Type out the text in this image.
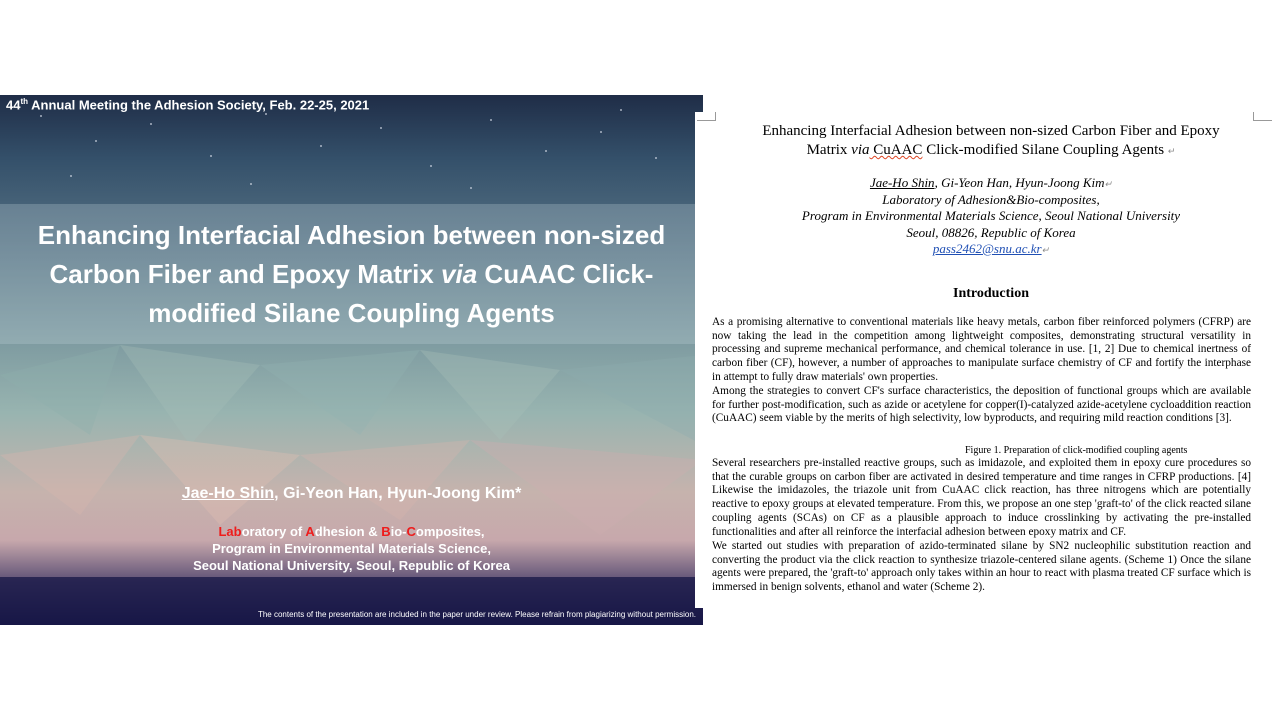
44th Annual Meeting the Adhesion Society, Feb. 22-25, 2021
Enhancing Interfacial Adhesion between non-sized
Carbon Fiber and Epoxy Matrix via CuAAC Click-
modified Silane Coupling Agents
Jae-Ho Shin, Gi-Yeon Han, Hyun-Joong Kim*
Laboratory of Adhesion & Bio-Composites,
Program in Environmental Materials Science,
Seoul National University, Seoul, Republic of Korea
The contents of the presentation are included in the paper under review. Please refrain from plagiarizing without permission.
Enhancing Interfacial Adhesion between non-sized Carbon Fiber and Epoxy
Matrix via CuAAC Click-modified Silane Coupling Agents ↵
Jae-Ho Shin, Gi-Yeon Han, Hyun-Joong Kim↵
Laboratory of Adhesion&Bio-composites,
Program in Environmental Materials Science, Seoul National University
Seoul, 08826, Republic of Korea
pass2462@snu.ac.kr↵
Introduction
As a promising alternative to conventional materials like heavy metals, carbon fiber reinforced polymers (CFRP) are now taking the lead in the competition among lightweight composites, demonstrating structural versatility in processing and supreme mechanical performance, and chemical tolerance in use. [1, 2] Due to chemical inertness of carbon fiber (CF), however, a number of approaches to manipulate surface chemistry of CF and fortify the interphase in attempt to fully draw materials' own properties.
Among the strategies to convert CF's surface characteristics, the deposition of functional groups which are available for further post-modification, such as azide or acetylene for copper(I)-catalyzed azide-acetylene cycloaddition reaction (CuAAC) seem viable by the merits of high selectivity, low byproducts, and requiring mild reaction conditions [3].
Figure 1. Preparation of click-modified coupling agents
Several researchers pre-installed reactive groups, such as imidazole, and exploited them in epoxy cure procedures so that the curable groups on carbon fiber are activated in desired temperature and time ranges in CFRP productions. [4] Likewise the imidazoles, the triazole unit from CuAAC click reaction, has three nitrogens which are potentially reactive to epoxy groups at elevated temperature. From this, we propose an one step 'graft-to' of the click reacted silane coupling agents (SCAs) on CF as a plausible approach to induce crosslinking by activating the pre-installed functionalities and after all reinforce the interfacial adhesion between epoxy matrix and CF.
We started out studies with preparation of azido-terminated silane by SN2 nucleophilic substitution reaction and converting the product via the click reaction to synthesize triazole-centered silane agents. (Scheme 1) Once the silane agents were prepared, the 'graft-to' approach only takes within an hour to react with plasma treated CF surface which is immersed in benign solvents, ethanol and water (Scheme 2).
